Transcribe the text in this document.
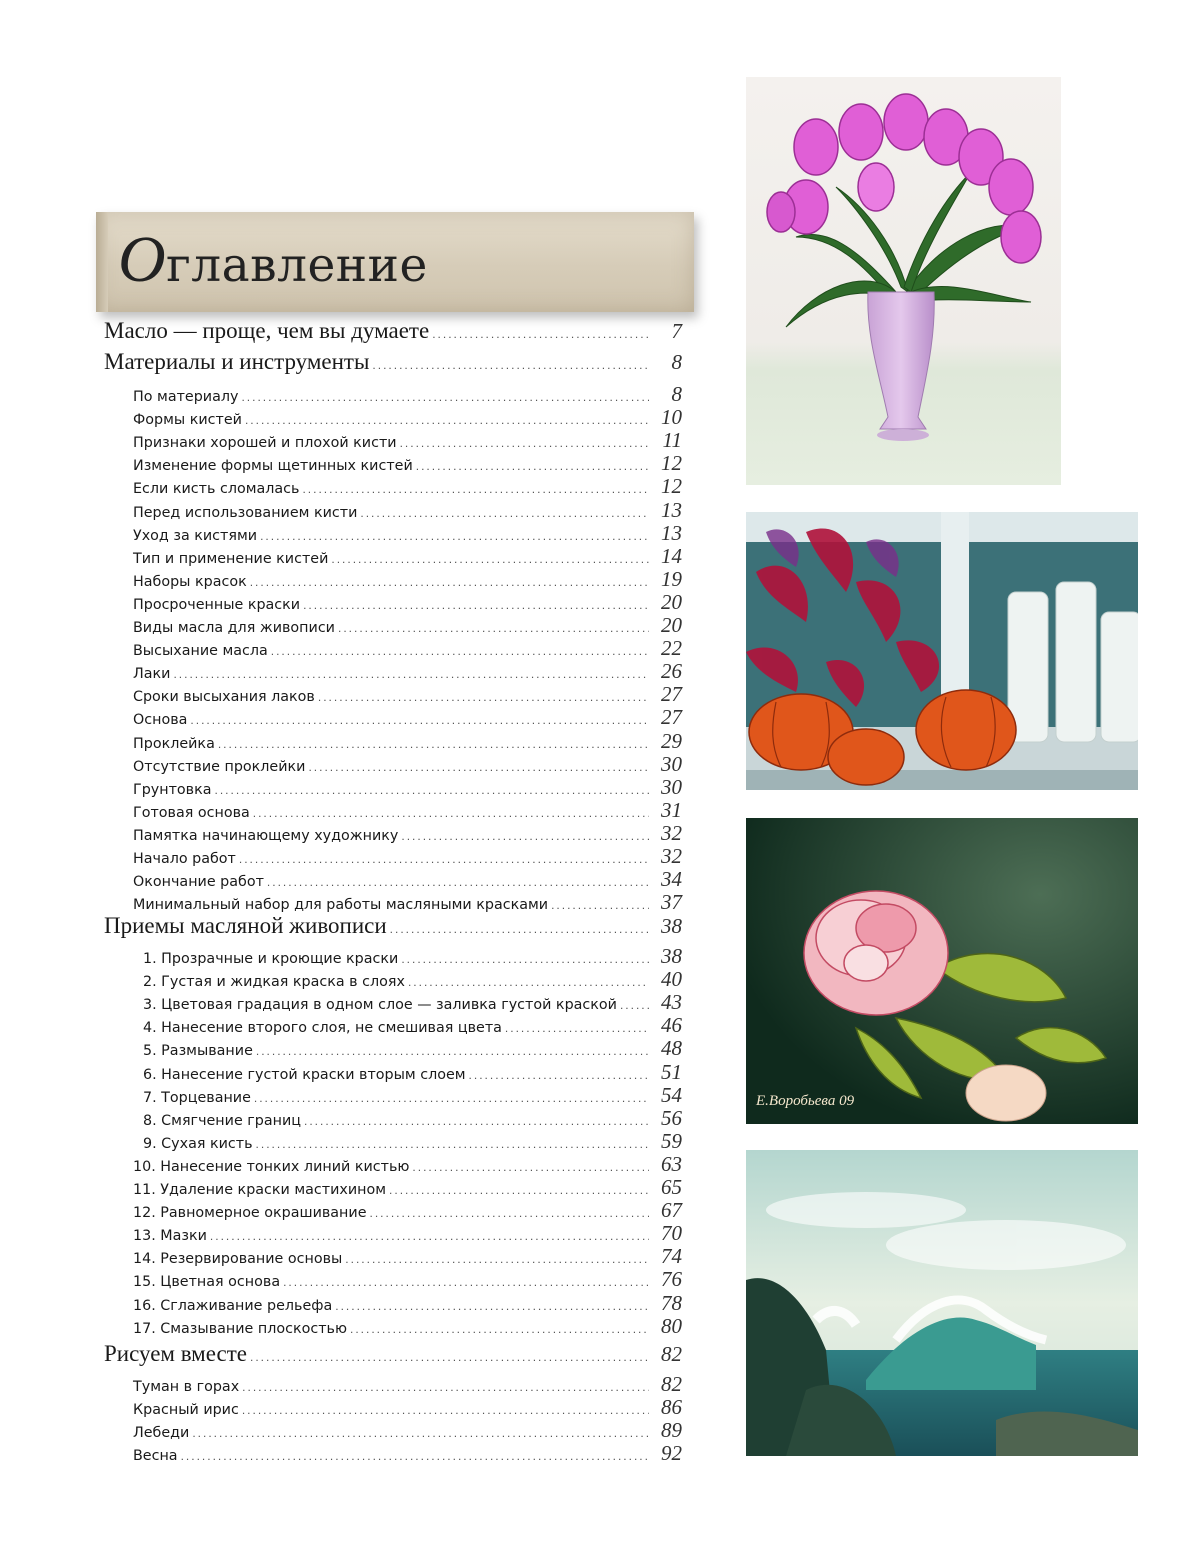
Оглавление
Масло — проще, чем вы думаете .....	7
Материалы и инструменты .....	8
По материалу .....	8
Формы кистей .....	10
Признаки хорошей и плохой кисти .....	11
Изменение формы щетинных кистей .....	12
Если кисть сломалась .....	12
Перед использованием кисти .....	13
Уход за кистями .....	13
Тип и применение кистей .....	14
Наборы красок .....	19
Просроченные краски .....	20
Виды масла для живописи .....	20
Высыхание масла .....	22
Лаки .....	26
Сроки высыхания лаков .....	27
Основа .....	27
Проклейка .....	29
Отсутствие проклейки .....	30
Грунтовка .....	30
Готовая основа .....	31
Памятка начинающему художнику .....	32
Начало работ .....	32
Окончание работ .....	34
Минимальный набор для работы масляными красками .....	37
Приемы масляной живописи .....	38
1. Прозрачные и кроющие краски .....	38
2. Густая и жидкая краска в слоях .....	40
3. Цветовая градация в одном слое — заливка густой краской .....	43
4. Нанесение второго слоя, не смешивая цвета .....	46
5. Размывание .....	48
6. Нанесение густой краски вторым слоем .....	51
7. Торцевание .....	54
8. Смягчение границ .....	56
9. Сухая кисть .....	59
10. Нанесение тонких линий кистью .....	63
11. Удаление краски мастихином .....	65
12. Равномерное окрашивание .....	67
13. Мазки .....	70
14. Резервирование основы .....	74
15. Цветная основа .....	76
16. Сглаживание рельефа .....	78
17. Смазывание плоскостью .....	80
Рисуем вместе .....	82
Туман в горах .....	82
Красный ирис .....	86
Лебеди .....	89
Весна .....	92
Е.Воробьева 09
